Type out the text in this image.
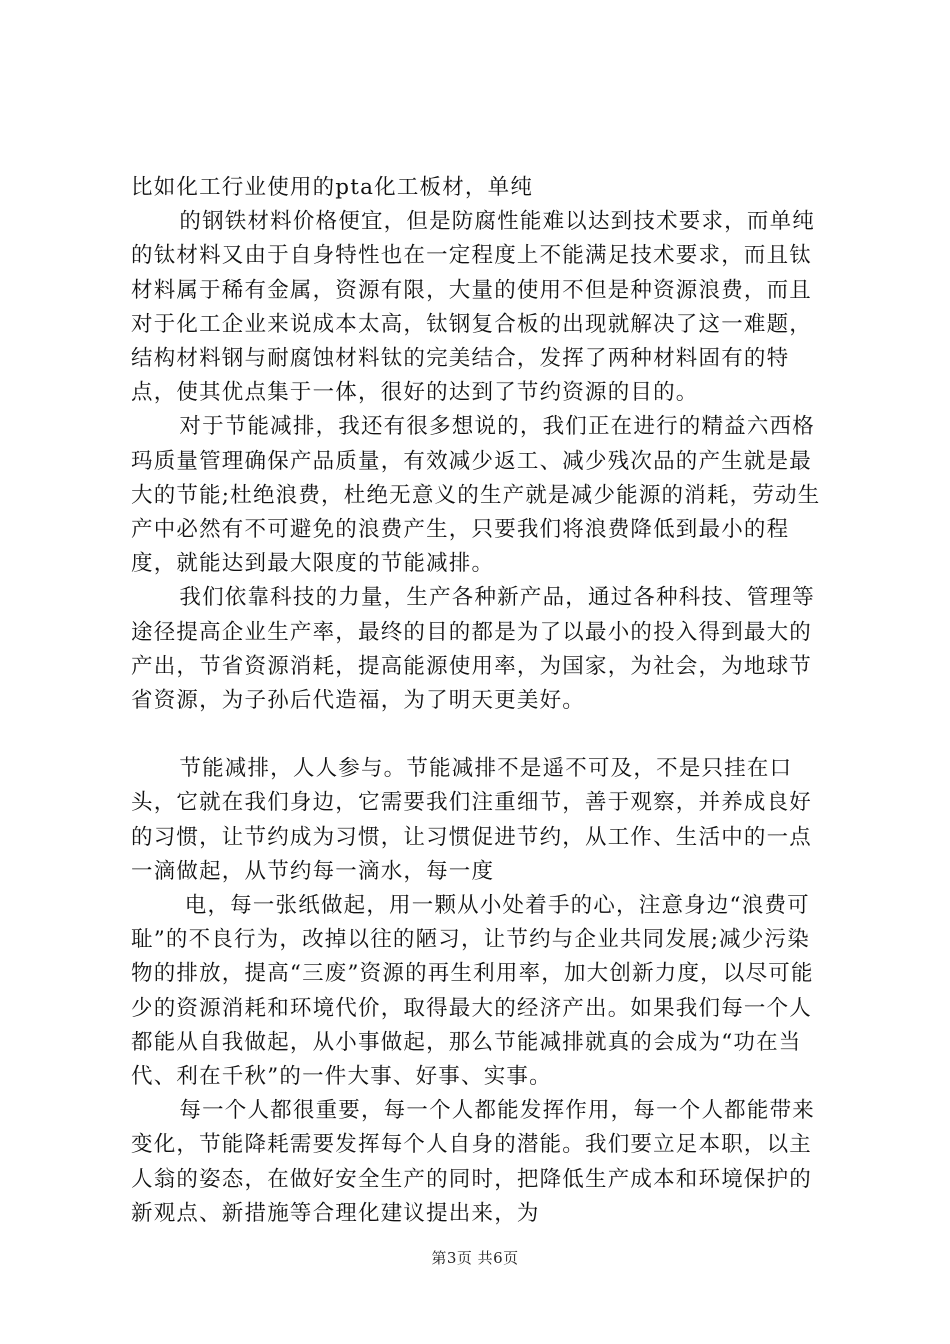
比如化工行业使用的pta化工板材，单纯

的钢铁材料价格便宜，但是防腐性能难以达到技术要求，而单纯的钛材料又由于自身特性也在一定程度上不能满足技术要求，而且钛材料属于稀有金属，资源有限，大量的使用不但是种资源浪费，而且对于化工企业来说成本太高，钛钢复合板的出现就解决了这一难题，结构材料钢与耐腐蚀材料钛的完美结合，发挥了两种材料固有的特点，使其优点集于一体，很好的达到了节约资源的目的。

对于节能减排，我还有很多想说的，我们正在进行的精益六西格玛质量管理确保产品质量，有效减少返工、减少残次品的产生就是最大的节能;杜绝浪费，杜绝无意义的生产就是减少能源的消耗，劳动生产中必然有不可避免的浪费产生，只要我们将浪费降低到最小的程度，就能达到最大限度的节能减排。

我们依靠科技的力量，生产各种新产品，通过各种科技、管理等途径提高企业生产率，最终的目的都是为了以最小的投入得到最大的产出，节省资源消耗，提高能源使用率，为国家，为社会，为地球节省资源，为子孙后代造福，为了明天更美好。

节能减排，人人参与。节能减排不是遥不可及，不是只挂在口头，它就在我们身边，它需要我们注重细节，善于观察，并养成良好的习惯，让节约成为习惯，让习惯促进节约，从工作、生活中的一点一滴做起，从节约每一滴水，每一度

电，每一张纸做起，用一颗从小处着手的心，注意身边“浪费可耻”的不良行为，改掉以往的陋习，让节约与企业共同发展;减少污染物的排放，提高“三废”资源的再生利用率，加大创新力度，以尽可能少的资源消耗和环境代价，取得最大的经济产出。如果我们每一个人都能从自我做起，从小事做起，那么节能减排就真的会成为“功在当代、利在千秋”的一件大事、好事、实事。

每一个人都很重要，每一个人都能发挥作用，每一个人都能带来变化，节能降耗需要发挥每个人自身的潜能。我们要立足本职，以主人翁的姿态，在做好安全生产的同时，把降低生产成本和环境保护的新观点、新措施等合理化建议提出来，为

第3页 共6页
